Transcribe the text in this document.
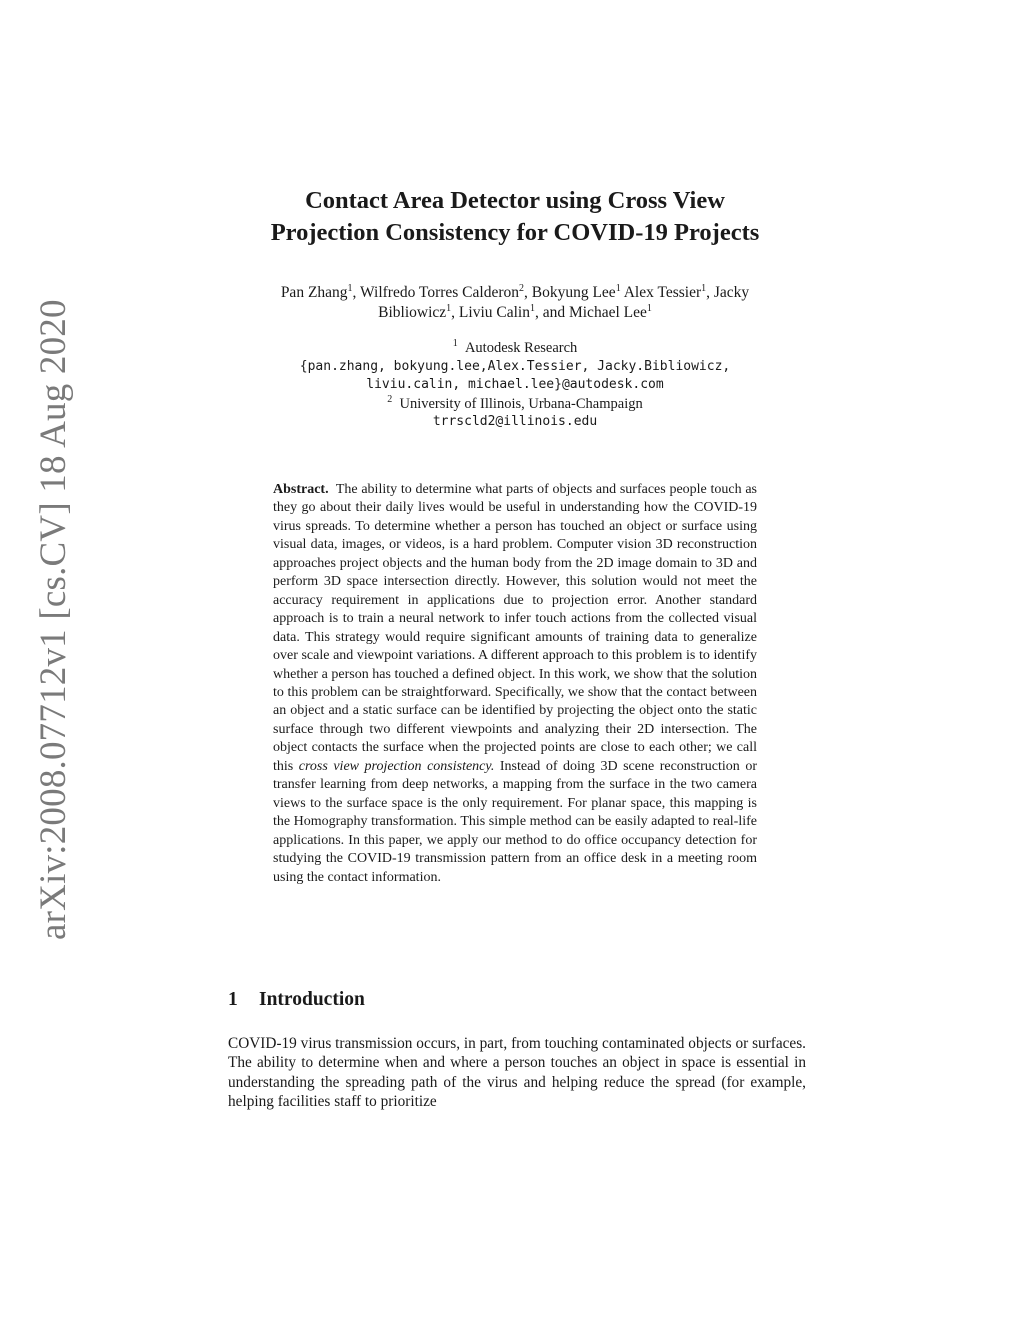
arXiv:2008.07712v1 [cs.CV] 18 Aug 2020
Contact Area Detector using Cross View
Projection Consistency for COVID-19 Projects
Pan Zhang$^1$, Wilfredo Torres Calderon$^2$, Bokyung Lee$^1$ Alex Tessier$^1$, Jacky
Bibliowicz$^1$, Liviu Calin$^1$, and Michael Lee$^1$
$^1$ Autodesk Research
{pan.zhang, bokyung.lee,Alex.Tessier, Jacky.Bibliowicz,
liviu.calin, michael.lee}@autodesk.com
$^2$ University of Illinois, Urbana-Champaign
trrscld2@illinois.edu
Abstract. The ability to determine what parts of objects and surfaces people touch as they go about their daily lives would be useful in understanding how the COVID-19 virus spreads. To determine whether a person has touched an object or surface using visual data, images, or videos, is a hard problem. Computer vision 3D reconstruction approaches project objects and the human body from the 2D image domain to 3D and perform 3D space intersection directly. However, this solution would not meet the accuracy requirement in applications due to projection error. Another standard approach is to train a neural network to infer touch actions from the collected visual data. This strategy would require significant amounts of training data to generalize over scale and viewpoint variations. A different approach to this problem is to identify whether a person has touched a defined object. In this work, we show that the solution to this problem can be straightforward. Specifically, we show that the contact between an object and a static surface can be identified by projecting the object onto the static surface through two different viewpoints and analyzing their 2D intersection. The object contacts the surface when the projected points are close to each other; we call this cross view projection consistency. Instead of doing 3D scene reconstruction or transfer learning from deep networks, a mapping from the surface in the two camera views to the surface space is the only requirement. For planar space, this mapping is the Homography transformation. This simple method can be easily adapted to real-life applications. In this paper, we apply our method to do office occupancy detection for studying the COVID-19 transmission pattern from an office desk in a meeting room using the contact information.
1 Introduction
COVID-19 virus transmission occurs, in part, from touching contaminated objects or surfaces. The ability to determine when and where a person touches an object in space is essential in understanding the spreading path of the virus and helping reduce the spread (for example, helping facilities staff to prioritize
